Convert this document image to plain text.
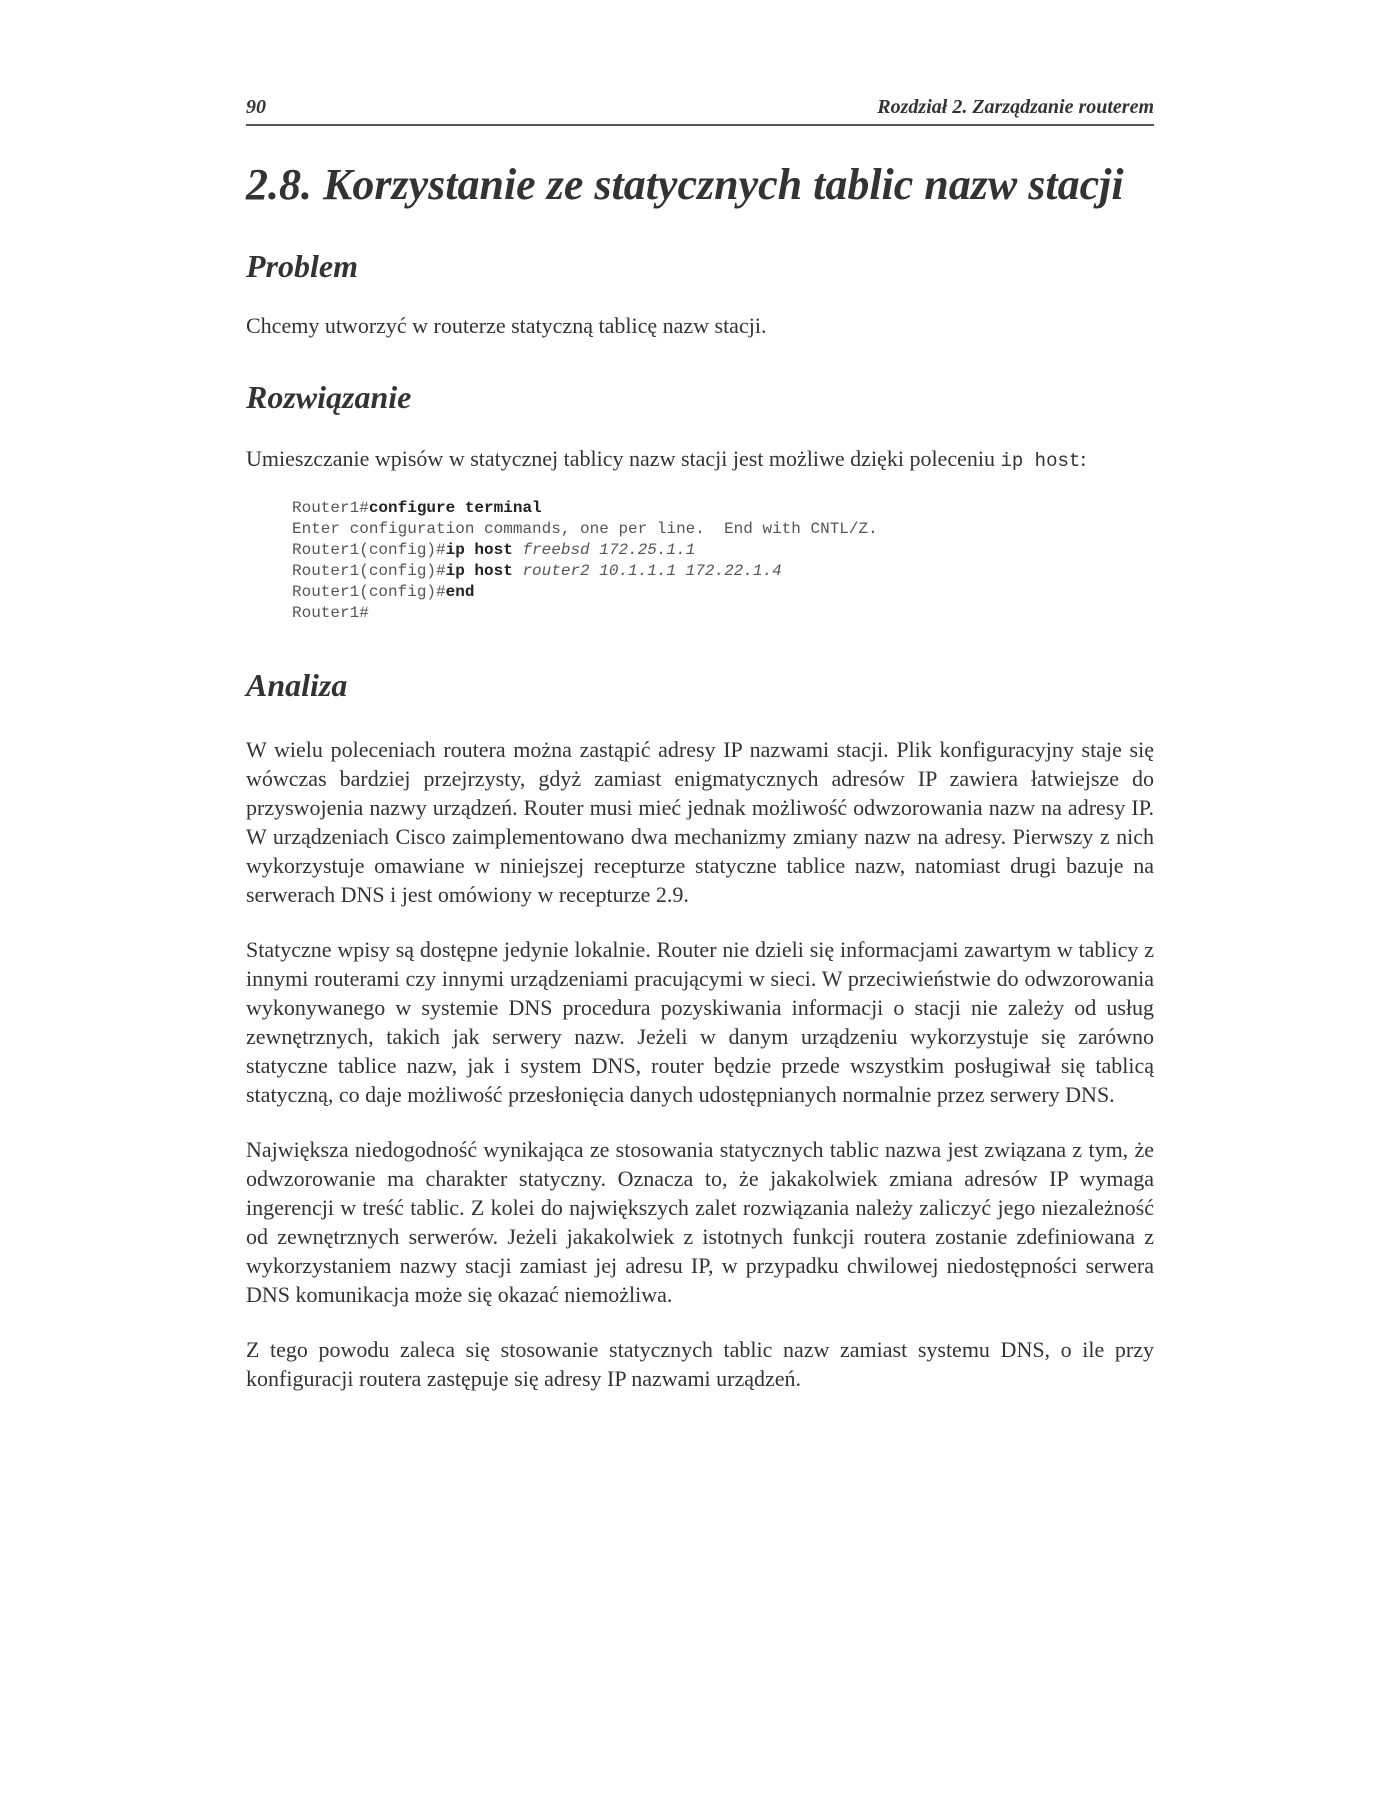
90	Rozdział 2. Zarządzanie routerem
2.8. Korzystanie ze statycznych tablic nazw stacji
Problem

Chcemy utworzyć w routerze statyczną tablicę nazw stacji.

Rozwiązanie

Umieszczanie wpisów w statycznej tablicy nazw stacji jest możliwe dzięki poleceniu ip host:

Router1#configure terminal
Enter configuration commands, one per line.  End with CNTL/Z.
Router1(config)#ip host freebsd 172.25.1.1
Router1(config)#ip host router2 10.1.1.1 172.22.1.4
Router1(config)#end
Router1#
Analiza

W wielu poleceniach routera można zastąpić adresy IP nazwami stacji. Plik konfiguracyjny staje się wówczas bardziej przejrzysty, gdyż zamiast enigmatycznych adresów IP zawiera łatwiejsze do przyswojenia nazwy urządzeń. Router musi mieć jednak możliwość odwzorowania nazw na adresy IP. W urządzeniach Cisco zaimplementowano dwa mechanizmy zmiany nazw na adresy. Pierwszy z nich wykorzystuje omawiane w niniejszej recepturze statyczne tablice nazw, natomiast drugi bazuje na serwerach DNS i jest omówiony w recepturze 2.9.

Statyczne wpisy są dostępne jedynie lokalnie. Router nie dzieli się informacjami zawartym w tablicy z innymi routerami czy innymi urządzeniami pracującymi w sieci. W przeciwieństwie do odwzorowania wykonywanego w systemie DNS procedura pozyskiwania informacji o stacji nie zależy od usług zewnętrznych, takich jak serwery nazw. Jeżeli w danym urządzeniu wykorzystuje się zarówno statyczne tablice nazw, jak i system DNS, router będzie przede wszystkim posługiwał się tablicą statyczną, co daje możliwość przesłonięcia danych udostępnianych normalnie przez serwery DNS.

Największa niedogodność wynikająca ze stosowania statycznych tablic nazwa jest związana z tym, że odwzorowanie ma charakter statyczny. Oznacza to, że jakakolwiek zmiana adresów IP wymaga ingerencji w treść tablic. Z kolei do największych zalet rozwiązania należy zaliczyć jego niezależność od zewnętrznych serwerów. Jeżeli jakakolwiek z istotnych funkcji routera zostanie zdefiniowana z wykorzystaniem nazwy stacji zamiast jej adresu IP, w przypadku chwilowej niedostępności serwera DNS komunikacja może się okazać niemożliwa.

Z tego powodu zaleca się stosowanie statycznych tablic nazw zamiast systemu DNS, o ile przy konfiguracji routera zastępuje się adresy IP nazwami urządzeń.
